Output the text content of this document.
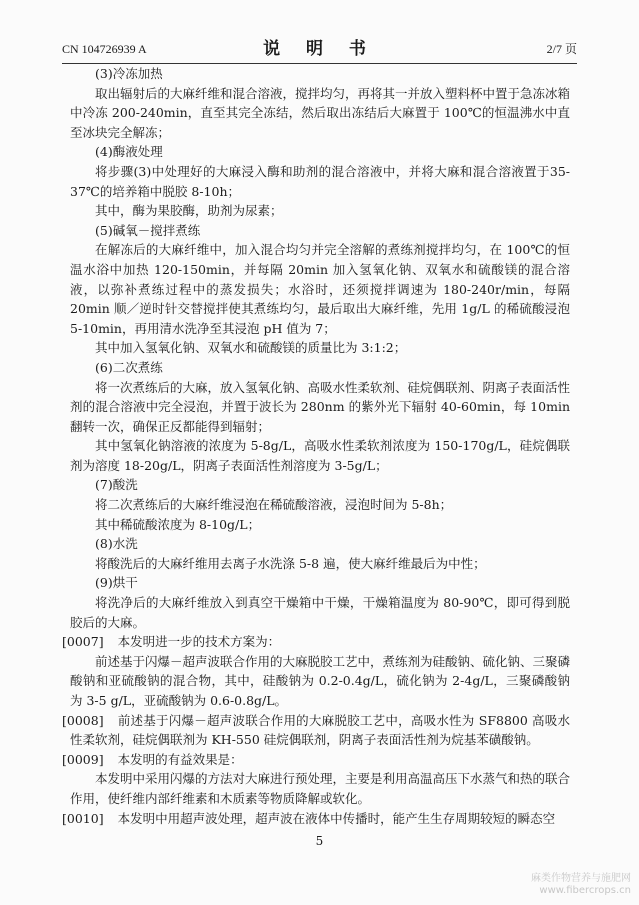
CN 104726939 A	说 明 书	2/7 页

(3)冷冻加热

取出辐射后的大麻纤维和混合溶液，搅拌均匀，再将其一并放入塑料杯中置于急冻冰箱中冷冻 200-240min，直至其完全冻结，然后取出冻结后大麻置于 100℃的恒温沸水中直至冰块完全解冻；

(4)酶液处理

将步骤(3)中处理好的大麻浸入酶和助剂的混合溶液中，并将大麻和混合溶液置于35-37℃的培养箱中脱胶 8-10h；

其中，酶为果胶酶，助剂为尿素；

(5)碱氧－搅拌煮练

在解冻后的大麻纤维中，加入混合均匀并完全溶解的煮练剂搅拌均匀，在 100℃的恒温水浴中加热 120-150min，并每隔 20min 加入氢氧化钠、双氧水和硫酸镁的混合溶液，以弥补煮练过程中的蒸发损失；水浴时，还须搅拌调速为 180-240r/min，每隔 20min 顺／逆时针交替搅拌使其煮练均匀，最后取出大麻纤维，先用 1g/L 的稀硫酸浸泡 5-10min，再用清水洗净至其浸泡 pH 值为 7；

其中加入氢氧化钠、双氧水和硫酸镁的质量比为 3:1:2；

(6)二次煮练

将一次煮练后的大麻，放入氢氧化钠、高吸水性柔软剂、硅烷偶联剂、阴离子表面活性剂的混合溶液中完全浸泡，并置于波长为 280nm 的紫外光下辐射 40-60min，每 10min 翻转一次，确保正反都能得到辐射；

其中氢氧化钠溶液的浓度为 5-8g/L，高吸水性柔软剂浓度为 150-170g/L，硅烷偶联剂为溶度 18-20g/L，阴离子表面活性剂溶度为 3-5g/L；

(7)酸洗

将二次煮练后的大麻纤维浸泡在稀硫酸溶液，浸泡时间为 5-8h；

其中稀硫酸浓度为 8-10g/L；

(8)水洗

将酸洗后的大麻纤维用去离子水洗涤 5-8 遍，使大麻纤维最后为中性；

(9)烘干

将洗净后的大麻纤维放入到真空干燥箱中干燥，干燥箱温度为 80-90℃，即可得到脱胶后的大麻。

[0007] 本发明进一步的技术方案为：

前述基于闪爆－超声波联合作用的大麻脱胶工艺中，煮练剂为硅酸钠、硫化钠、三聚磷酸钠和亚硫酸钠的混合物，其中，硅酸钠为 0.2-0.4g/L，硫化钠为 2-4g/L，三聚磷酸钠为 3-5 g/L，亚硫酸钠为 0.6-0.8g/L。

[0008] 前述基于闪爆－超声波联合作用的大麻脱胶工艺中，高吸水性为 SF8800 高吸水性柔软剂，硅烷偶联剂为 KH-550 硅烷偶联剂，阴离子表面活性剂为烷基苯磺酸钠。

[0009] 本发明的有益效果是：

本发明中采用闪爆的方法对大麻进行预处理，主要是利用高温高压下水蒸气和热的联合作用，使纤维内部纤维素和木质素等物质降解或软化。

[0010] 本发明中用超声波处理，超声波在液体中传播时，能产生生存周期较短的瞬态空

5
麻类作物营养与施肥网
www.fibercrops.cn
